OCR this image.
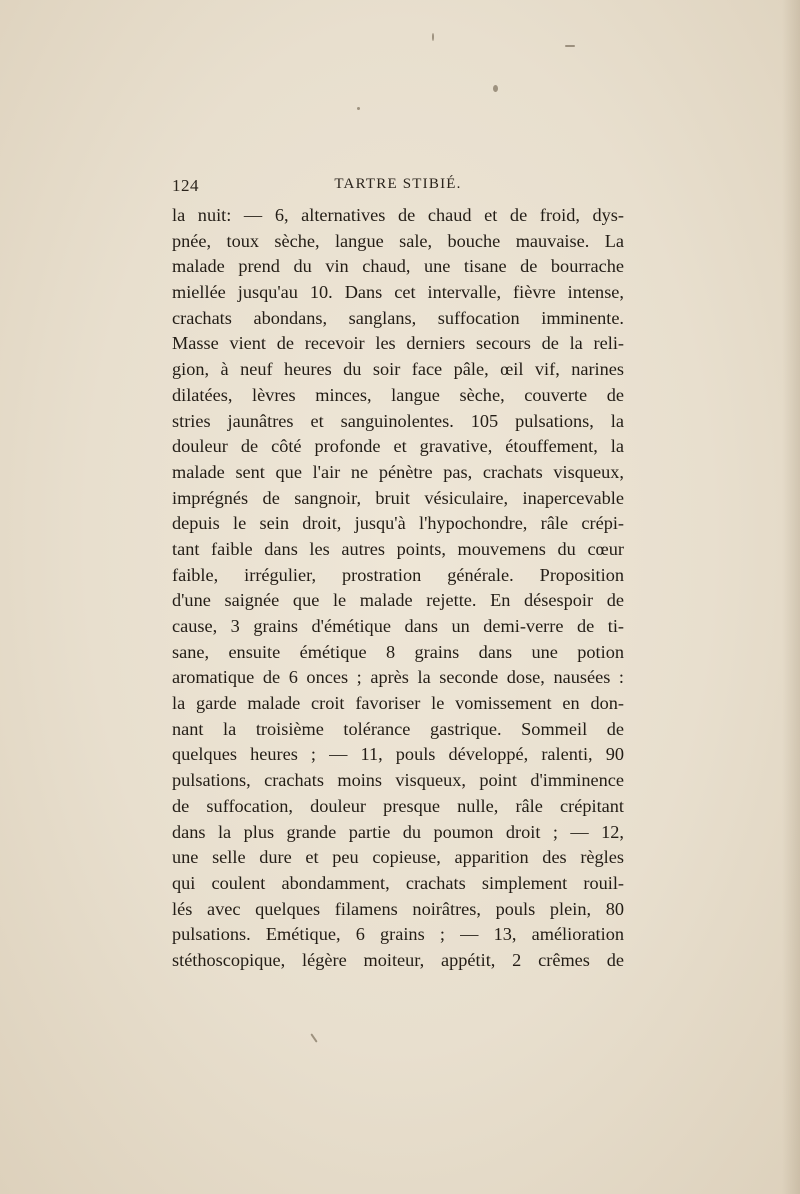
124	TARTRE STIBIÉ.
la nuit: — 6, alternatives de chaud et de froid, dys-
pnée, toux sèche, langue sale, bouche mauvaise. La
malade prend du vin chaud, une tisane de bourrache
miellée jusqu'au 10. Dans cet intervalle, fièvre intense,
crachats abondans, sanglans, suffocation imminente.
Masse vient de recevoir les derniers secours de la reli-
gion, à neuf heures du soir face pâle, œil vif, narines
dilatées, lèvres minces, langue sèche, couverte de
stries jaunâtres et sanguinolentes. 105 pulsations, la
douleur de côté profonde et gravative, étouffement, la
malade sent que l'air ne pénètre pas, crachats visqueux,
imprégnés de sangnoir, bruit vésiculaire, inapercevable
depuis le sein droit, jusqu'à l'hypochondre, râle crépi-
tant faible dans les autres points, mouvemens du cœur
faible, irrégulier, prostration générale. Proposition
d'une saignée que le malade rejette. En désespoir de
cause, 3 grains d'émétique dans un demi-verre de ti-
sane, ensuite émétique 8 grains dans une potion
aromatique de 6 onces ; après la seconde dose, nausées :
la garde malade croit favoriser le vomissement en don-
nant la troisième tolérance gastrique. Sommeil de
quelques heures ; — 11, pouls développé, ralenti, 90
pulsations, crachats moins visqueux, point d'imminence
de suffocation, douleur presque nulle, râle crépitant
dans la plus grande partie du poumon droit ; — 12,
une selle dure et peu copieuse, apparition des règles
qui coulent abondamment, crachats simplement rouil-
lés avec quelques filamens noirâtres, pouls plein, 80
pulsations. Emétique, 6 grains ; — 13, amélioration
stéthoscopique, légère moiteur, appétit, 2 crêmes de
